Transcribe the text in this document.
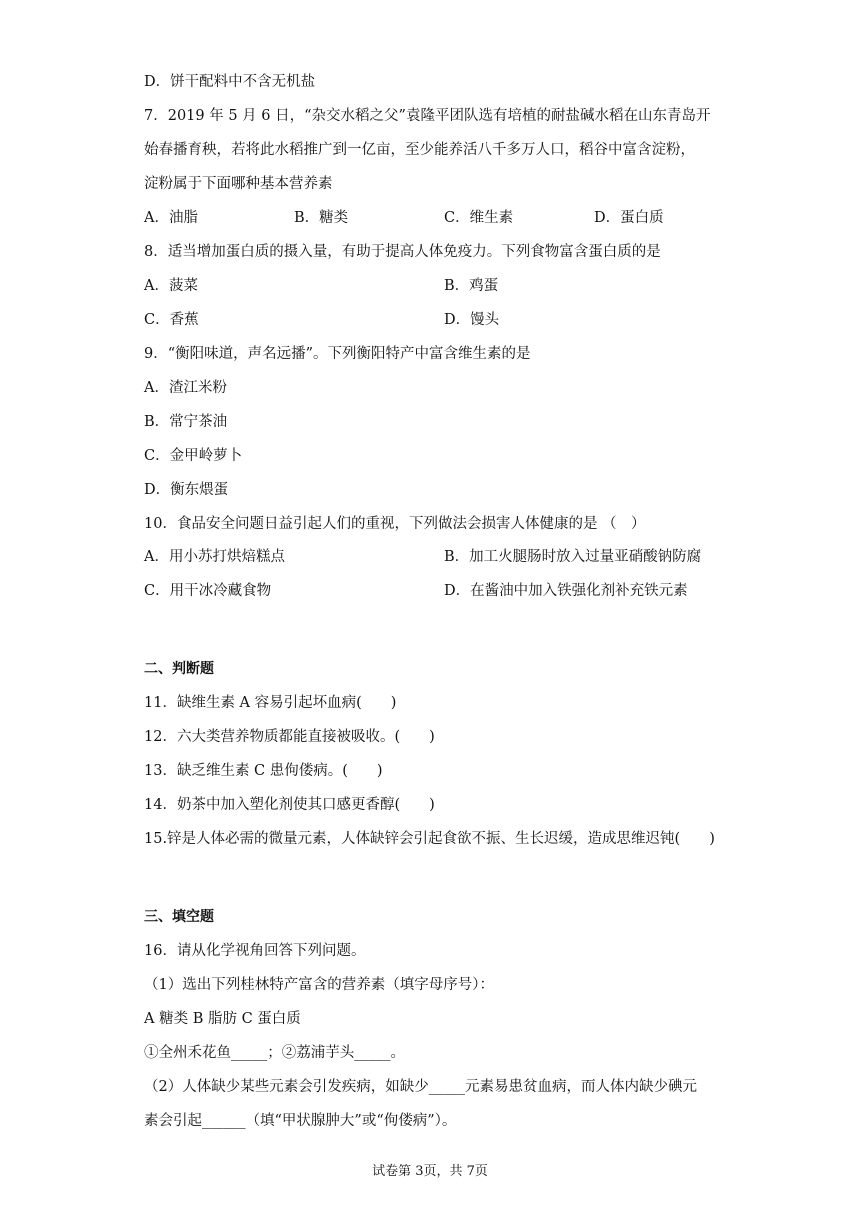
D．饼干配料中不含无机盐
7．2019 年 5 月 6 日，“杂交水稻之父”袁隆平团队选有培植的耐盐碱水稻在山东青岛开
始春播育秧，若将此水稻推广到一亿亩，至少能养活八千多万人口，稻谷中富含淀粉，
淀粉属于下面哪种基本营养素
A．油脂	B．糖类	C．维生素	D．蛋白质
8．适当增加蛋白质的摄入量，有助于提高人体免疫力。下列食物富含蛋白质的是
A．菠菜	B．鸡蛋
C．香蕉	D．馒头
9．“衡阳味道，声名远播”。下列衡阳特产中富含维生素的是
A．渣江米粉
B．常宁茶油
C．金甲岭萝卜
D．衡东煨蛋
10．食品安全问题日益引起人们的重视，下列做法会损害人体健康的是 （　）
A．用小苏打烘焙糕点	B．加工火腿肠时放入过量亚硝酸钠防腐
C．用干冰冷藏食物	D．在酱油中加入铁强化剂补充铁元素
二、判断题
11．缺维生素 A 容易引起坏血病(　　)
12．六大类营养物质都能直接被吸收。(　　)
13．缺乏维生素 C 患佝偻病。(　　)
14．奶茶中加入塑化剂使其口感更香醇(　　)
15.锌是人体必需的微量元素，人体缺锌会引起食欲不振、生长迟缓，造成思维迟钝(　　)
三、填空题
16．请从化学视角回答下列问题。
（1）选出下列桂林特产富含的营养素（填字母序号）：
A 糖类 B 脂肪 C 蛋白质
①全州禾花鱼_____；②荔浦芋头_____。
（2）人体缺少某些元素会引发疾病，如缺少_____元素易患贫血病，而人体内缺少碘元
素会引起______（填“甲状腺肿大”或“佝偻病”）。
试卷第 3页，共 7页
